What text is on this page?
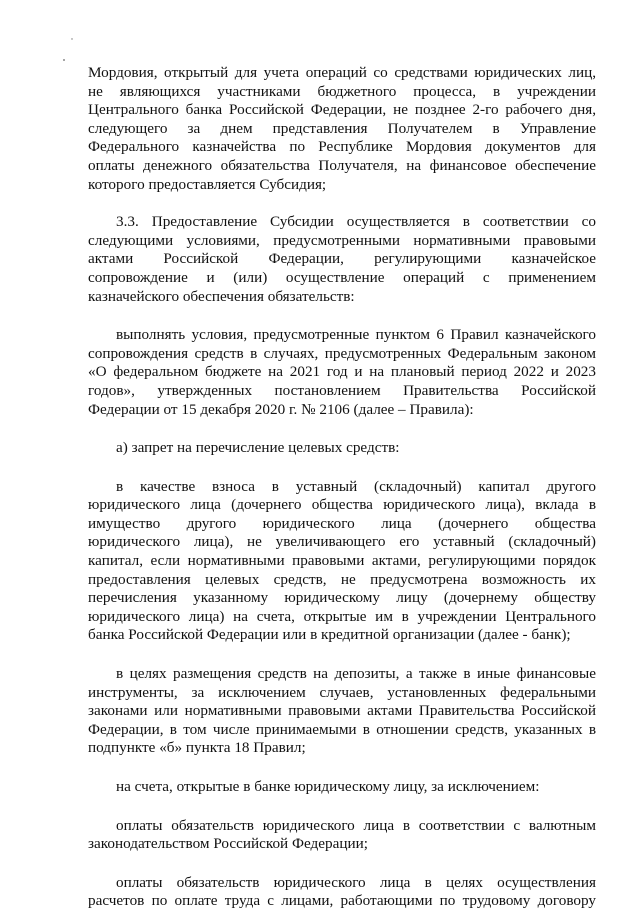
Мордовия, открытый для учета операций со средствами юридических лиц,
не являющихся участниками бюджетного процесса, в учреждении
Центрального банка Российской Федерации, не позднее 2-го рабочего дня,
следующего за днем представления Получателем в Управление
Федерального казначейства по Республике Мордовия документов для
оплаты денежного обязательства Получателя, на финансовое обеспечение
которого предоставляется Субсидия;

3.3. Предоставление Субсидии осуществляется в соответствии со
следующими условиями, предусмотренными нормативными правовыми
актами Российской Федерации, регулирующими казначейское
сопровождение и (или) осуществление операций с применением
казначейского обеспечения обязательств:

выполнять условия, предусмотренные пунктом 6 Правил казначейского
сопровождения средств в случаях, предусмотренных Федеральным законом
«О федеральном бюджете на 2021 год и на плановый период 2022 и 2023
годов», утвержденных постановлением Правительства Российской
Федерации от 15 декабря 2020 г. № 2106 (далее – Правила):

а) запрет на перечисление целевых средств:

в качестве взноса в уставный (складочный) капитал другого
юридического лица (дочернего общества юридического лица), вклада в
имущество другого юридического лица (дочернего общества
юридического лица), не увеличивающего его уставный (складочный)
капитал, если нормативными правовыми актами, регулирующими порядок
предоставления целевых средств, не предусмотрена возможность их
перечисления указанному юридическому лицу (дочернему обществу
юридического лица) на счета, открытые им в учреждении Центрального
банка Российской Федерации или в кредитной организации (далее - банк);

в целях размещения средств на депозиты, а также в иные финансовые
инструменты, за исключением случаев, установленных федеральными
законами или нормативными правовыми актами Правительства Российской
Федерации, в том числе принимаемыми в отношении средств, указанных в
подпункте «б» пункта 18 Правил;

на счета, открытые в банке юридическому лицу, за исключением:

оплаты обязательств юридического лица в соответствии с валютным
законодательством Российской Федерации;

оплаты обязательств юридического лица в целях осуществления
расчетов по оплате труда с лицами, работающими по трудовому договору
